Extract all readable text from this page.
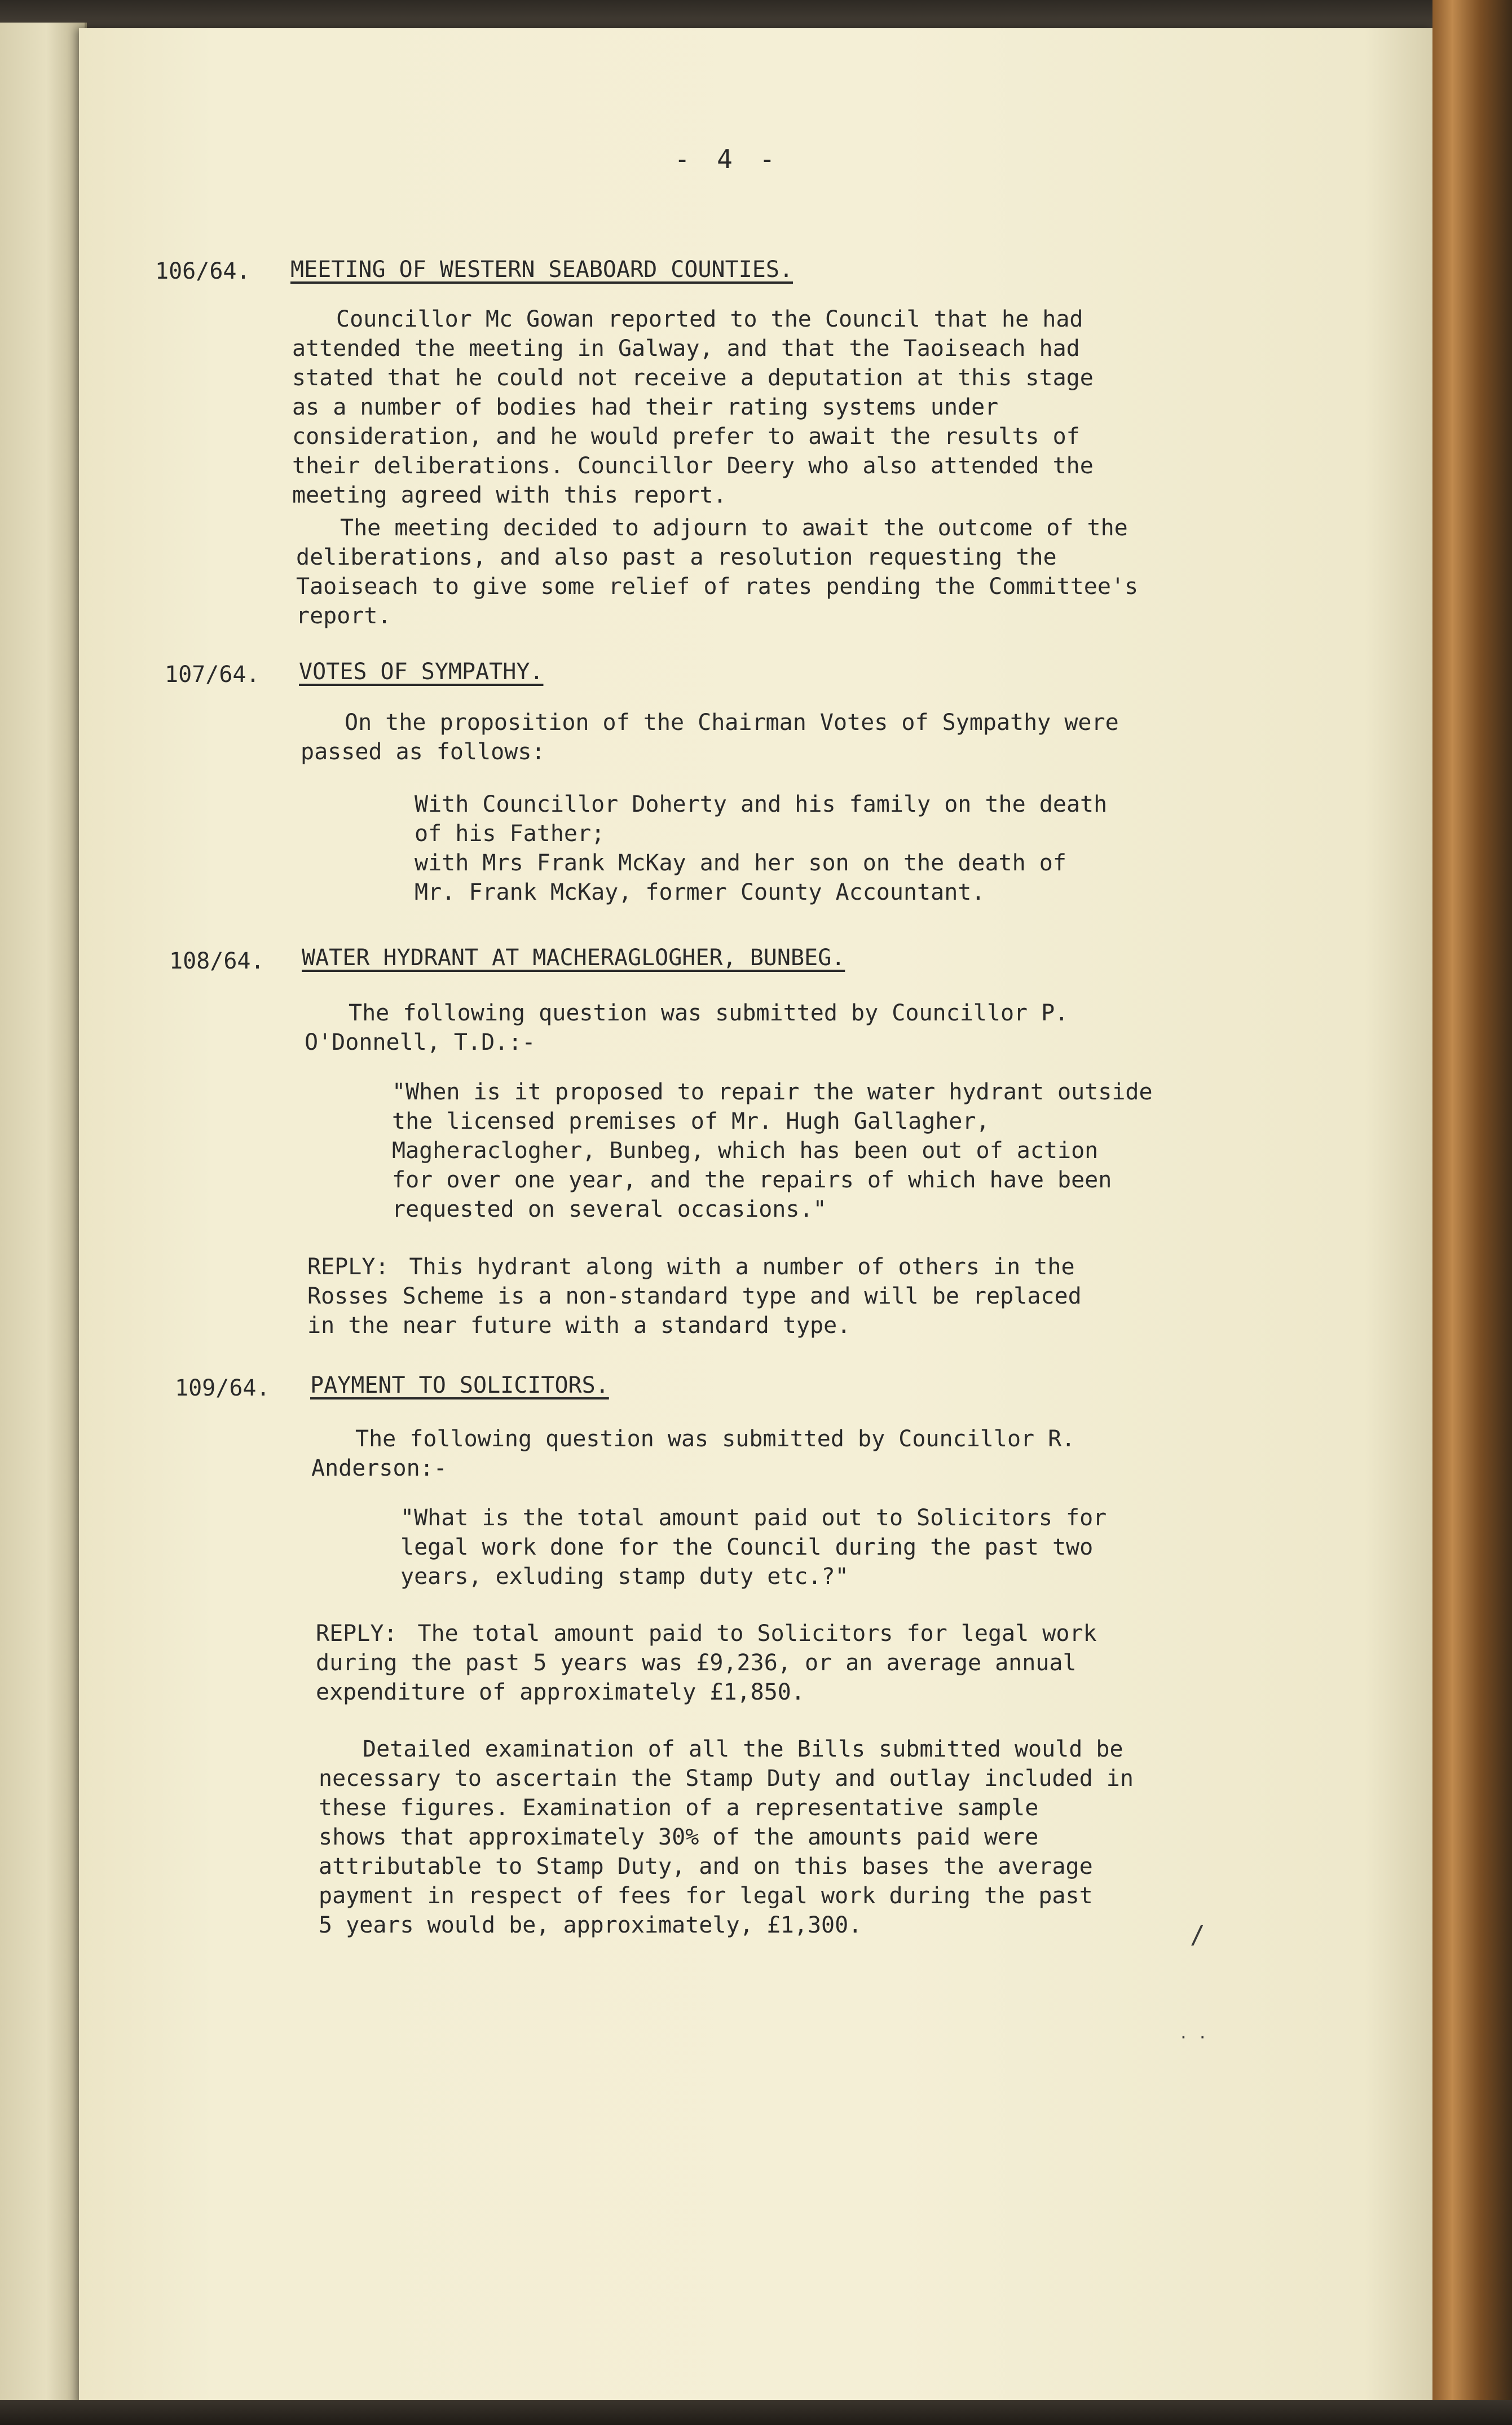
- 4 -
106/64.	MEETING OF WESTERN SEABOARD COUNTIES.

Councillor Mc Gowan reported to the Council that he had
attended the meeting in Galway, and that the Taoiseach had
stated that he could not receive a deputation at this stage
as a number of bodies had their rating systems under
consideration, and he would prefer to await the results of
their deliberations. Councillor Deery who also attended the
meeting agreed with this report.

The meeting decided to adjourn to await the outcome of the
deliberations, and also past a resolution requesting the
Taoiseach to give some relief of rates pending the Committee's
report.

107/64.	VOTES OF SYMPATHY.

On the proposition of the Chairman Votes of Sympathy were
passed as follows:

With Councillor Doherty and his family on the death
of his Father;
with Mrs Frank McKay and her son on the death of
Mr. Frank McKay, former County Accountant.
108/64.	WATER HYDRANT AT MACHERAGLOGHER, BUNBEG.

The following question was submitted by Councillor P.
O'Donnell, T.D.:-

"When is it proposed to repair the water hydrant outside
the licensed premises of Mr. Hugh Gallagher,
Magheraclogher, Bunbeg, which has been out of action
for over one year, and the repairs of which have been
requested on several occasions."

REPLY: This hydrant along with a number of others in the
Rosses Scheme is a non-standard type and will be replaced
in the near future with a standard type.

109/64.	PAYMENT TO SOLICITORS.

The following question was submitted by Councillor R.
Anderson:-

"What is the total amount paid out to Solicitors for
legal work done for the Council during the past two
years, exluding stamp duty etc.?"

REPLY: The total amount paid to Solicitors for legal work
during the past 5 years was £9,236, or an average annual
expenditure of approximately £1,850.

Detailed examination of all the Bills submitted would be
necessary to ascertain the Stamp Duty and outlay included in
these figures. Examination of a representative sample
shows that approximately 30% of the amounts paid were
attributable to Stamp Duty, and on this bases the average
payment in respect of fees for legal work during the past
5 years would be, approximately, £1,300.	/
· ·
